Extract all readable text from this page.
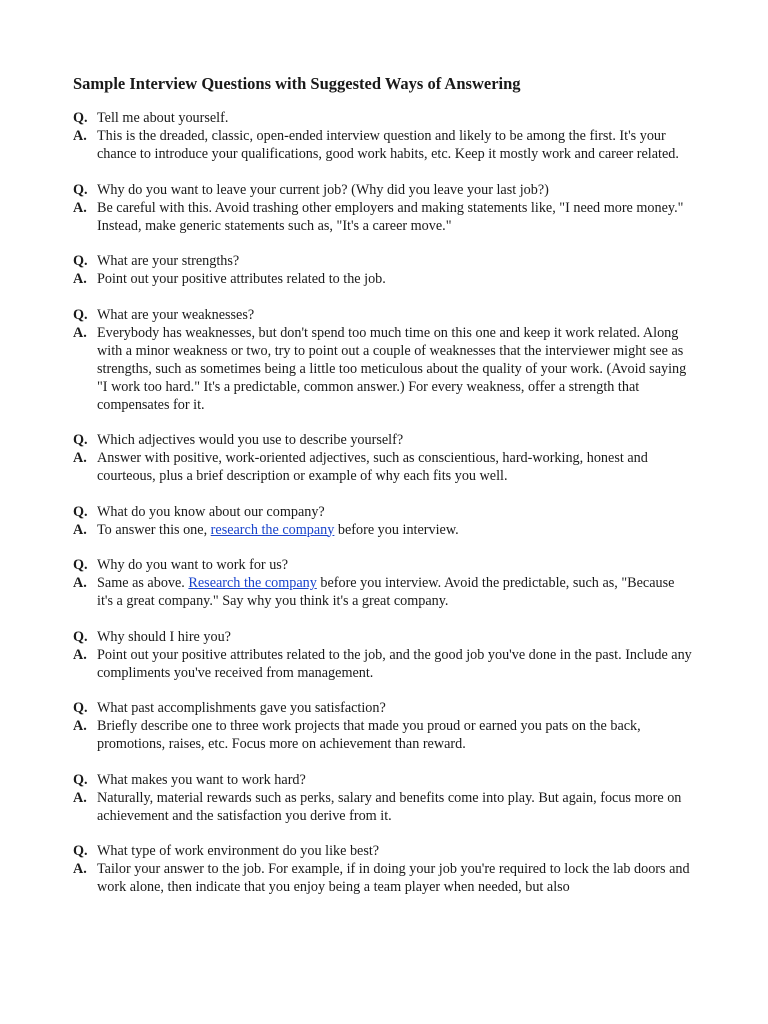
Sample Interview Questions with Suggested Ways of Answering
Q. Tell me about yourself.
A. This is the dreaded, classic, open-ended interview question and likely to be among the first. It's your chance to introduce your qualifications, good work habits, etc. Keep it mostly work and career related.
Q. Why do you want to leave your current job? (Why did you leave your last job?)
A. Be careful with this. Avoid trashing other employers and making statements like, "I need more money." Instead, make generic statements such as, "It's a career move."
Q. What are your strengths?
A. Point out your positive attributes related to the job.
Q. What are your weaknesses?
A. Everybody has weaknesses, but don't spend too much time on this one and keep it work related. Along with a minor weakness or two, try to point out a couple of weaknesses that the interviewer might see as strengths, such as sometimes being a little too meticulous about the quality of your work. (Avoid saying "I work too hard." It's a predictable, common answer.) For every weakness, offer a strength that compensates for it.
Q. Which adjectives would you use to describe yourself?
A. Answer with positive, work-oriented adjectives, such as conscientious, hard-working, honest and courteous, plus a brief description or example of why each fits you well.
Q. What do you know about our company?
A. To answer this one, research the company before you interview.
Q. Why do you want to work for us?
A. Same as above. Research the company before you interview. Avoid the predictable, such as, "Because it's a great company." Say why you think it's a great company.
Q. Why should I hire you?
A. Point out your positive attributes related to the job, and the good job you've done in the past. Include any compliments you've received from management.
Q. What past accomplishments gave you satisfaction?
A. Briefly describe one to three work projects that made you proud or earned you pats on the back, promotions, raises, etc. Focus more on achievement than reward.
Q. What makes you want to work hard?
A. Naturally, material rewards such as perks, salary and benefits come into play. But again, focus more on achievement and the satisfaction you derive from it.
Q. What type of work environment do you like best?
A. Tailor your answer to the job. For example, if in doing your job you're required to lock the lab doors and work alone, then indicate that you enjoy being a team player when needed, but also
